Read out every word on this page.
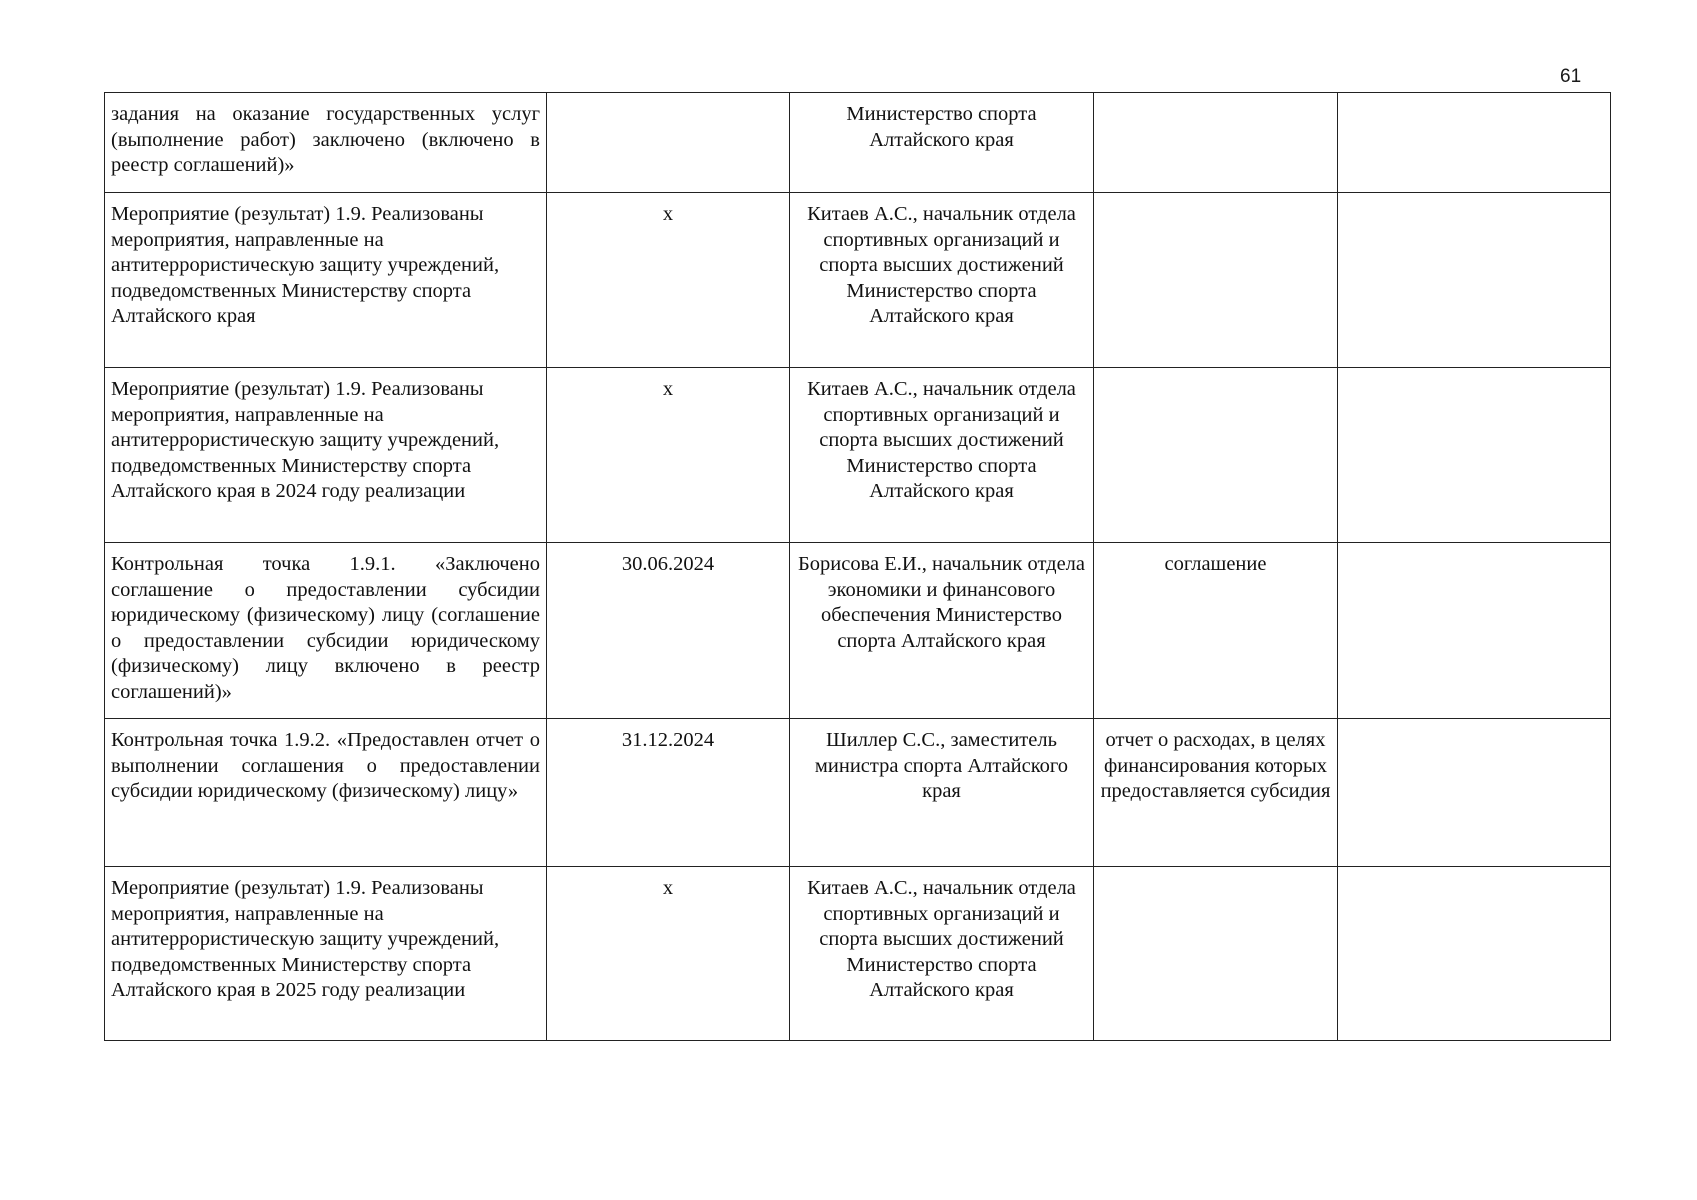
61
задания на оказание государственных услуг (выполнение работ) заключено (включено в реестр соглашений)»		Министерство спорта Алтайского края		
Мероприятие (результат) 1.9. Реализованы мероприятия, направленные на антитеррористическую защиту учреждений, подведомственных Министерству спорта Алтайского края	x	Китаев А.С., начальник отдела спортивных организаций и спорта высших достижений Министерство спорта Алтайского края		
Мероприятие (результат) 1.9. Реализованы мероприятия, направленные на антитеррористическую защиту учреждений, подведомственных Министерству спорта Алтайского края в 2024 году реализации	x	Китаев А.С., начальник отдела спортивных организаций и спорта высших достижений Министерство спорта Алтайского края		
Контрольная точка 1.9.1. «Заключено соглашение о предоставлении субсидии юридическому (физическому) лицу (соглашение о предоставлении субсидии юридическому (физическому) лицу включено в реестр соглашений)»	30.06.2024	Борисова Е.И., начальник отдела экономики и финансового обеспечения Министерство спорта Алтайского края	соглашение	
Контрольная точка 1.9.2. «Предоставлен отчет о выполнении соглашения о предоставлении субсидии юридическому (физическому) лицу»	31.12.2024	Шиллер С.С., заместитель министра спорта Алтайского края	отчет о расходах, в целях финансирования которых предоставляется субсидия	
Мероприятие (результат) 1.9. Реализованы мероприятия, направленные на антитеррористическую защиту учреждений, подведомственных Министерству спорта Алтайского края в 2025 году реализации	x	Китаев А.С., начальник отдела спортивных организаций и спорта высших достижений Министерство спорта Алтайского края		
